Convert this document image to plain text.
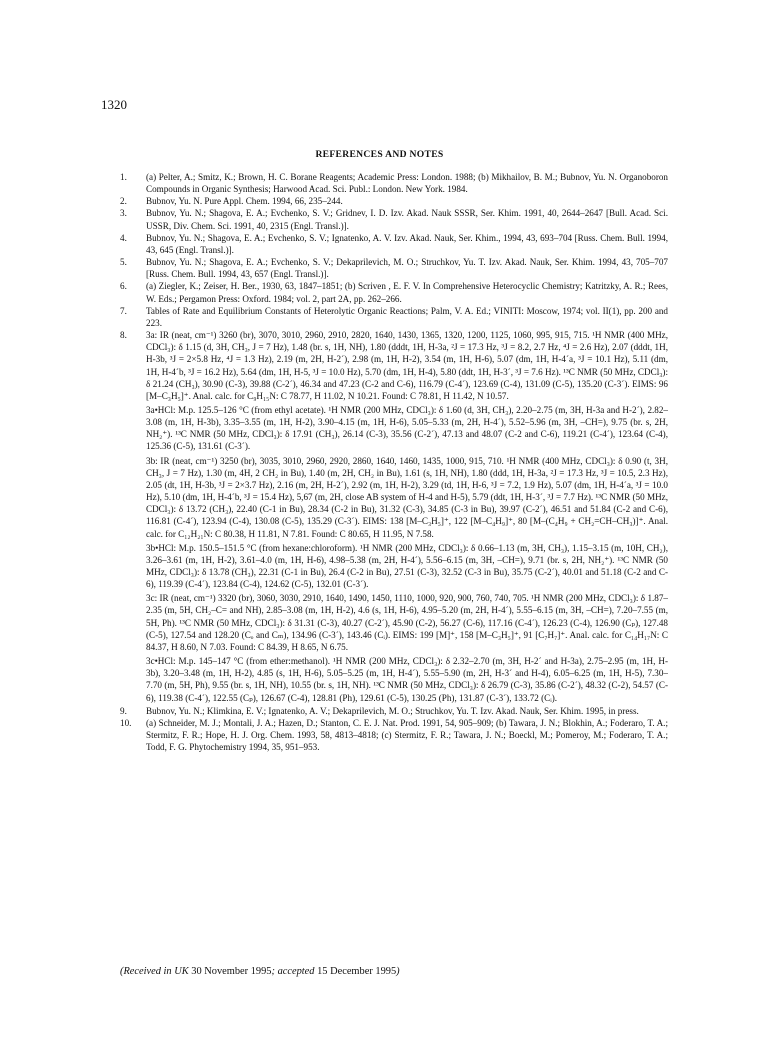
1320
REFERENCES AND NOTES
1.	(a) Pelter, A.; Smitz, K.; Brown, H. C. Borane Reagents; Academic Press: London. 1988; (b) Mikhailov, B. M.; Bubnov, Yu. N. Organoboron Compounds in Organic Synthesis; Harwood Acad. Sci. Publ.: London. New York. 1984.
2.	Bubnov, Yu. N. Pure Appl. Chem. 1994, 66, 235–244.
3.	Bubnov, Yu. N.; Shagova, E. A.; Evchenko, S. V.; Gridnev, I. D. Izv. Akad. Nauk SSSR, Ser. Khim. 1991, 40, 2644–2647 [Bull. Acad. Sci. USSR, Div. Chem. Sci. 1991, 40, 2315 (Engl. Transl.)].
4.	Bubnov, Yu. N.; Shagova, E. A.; Evchenko, S. V.; Ignatenko, A. V. Izv. Akad. Nauk, Ser. Khim., 1994, 43, 693–704 [Russ. Chem. Bull. 1994, 43, 645 (Engl. Transl.)].
5.	Bubnov, Yu. N.; Shagova, E. A.; Evchenko, S. V.; Dekaprilevich, M. O.; Struchkov, Yu. T. Izv. Akad. Nauk, Ser. Khim. 1994, 43, 705–707 [Russ. Chem. Bull. 1994, 43, 657 (Engl. Transl.)].
6.	(a) Ziegler, K.; Zeiser, H. Ber., 1930, 63, 1847–1851; (b) Scriven , E. F. V. In Comprehensive Heterocyclic Chemistry; Katritzky, A. R.; Rees, W. Eds.; Pergamon Press: Oxford. 1984; vol. 2, part 2A, pp. 262–266.
7.	Tables of Rate and Equilibrium Constants of Heterolytic Organic Reactions; Palm, V. A. Ed.; VINITI: Moscow, 1974; vol. II(1), pp. 200 and 223.
8.	3a: IR (neat, cm⁻¹) 3260 (br), 3070, 3010, 2960, 2910, 2820, 1640, 1430, 1365, 1320, 1200, 1125, 1060, 995, 915, 715. ¹H NMR (400 MHz, CDCl₃): δ 1.15 (d, 3H, CH₃, J = 7 Hz), 1.48 (br. s, 1H, NH), 1.80 (dddt, 1H, H-3a, ²J = 17.3 Hz, ³J = 8.2, 2.7 Hz, ⁴J = 2.6 Hz), 2.07 (dddt, 1H, H-3b, ³J = 2×5.8 Hz, ⁴J = 1.3 Hz), 2.19 (m, 2H, H-2´), 2.98 (m, 1H, H-2), 3.54 (m, 1H, H-6), 5.07 (dm, 1H, H-4´a, ³J = 10.1 Hz), 5.11 (dm, 1H, H-4´b, ³J = 16.2 Hz), 5.64 (dm, 1H, H-5, ³J = 10.0 Hz), 5.70 (dm, 1H, H-4), 5.80 (ddt, 1H, H-3´, ³J = 7.6 Hz). ¹³C NMR (50 MHz, CDCl₃): δ 21.24 (CH₃), 30.90 (C-3), 39.88 (C-2´), 46.34 and 47.23 (C-2 and C-6), 116.79 (C-4´), 123.69 (C-4), 131.09 (C-5), 135.20 (C-3´). EIMS: 96 [M–C₃H₅]⁺. Anal. calc. for C₉H₁₅N: C 78.77, H 11.02, N 10.21. Found: C 78.81, H 11.42, N 10.57.

3a•HCl: M.p. 125.5–126 °C (from ethyl acetate). ¹H NMR (200 MHz, CDCl₃): δ 1.60 (d, 3H, CH₃), 2.20–2.75 (m, 3H, H-3a and H-2´), 2.82–3.08 (m, 1H, H-3b), 3.35–3.55 (m, 1H, H-2), 3.90–4.15 (m, 1H, H-6), 5.05–5.33 (m, 2H, H-4´), 5.52–5.96 (m, 3H, –CH=), 9.75 (br. s, 2H, NH₂⁺). ¹³C NMR (50 MHz, CDCl₃): δ 17.91 (CH₃), 26.14 (C-3), 35.56 (C-2´), 47.13 and 48.07 (C-2 and C-6), 119.21 (C-4´), 123.64 (C-4), 125.36 (C-5), 131.61 (C-3´).

3b: IR (neat, cm⁻¹) 3250 (br), 3035, 3010, 2960, 2920, 2860, 1640, 1460, 1435, 1000, 915, 710. ¹H NMR (400 MHz, CDCl₃): δ 0.90 (t, 3H, CH₃, J = 7 Hz), 1.30 (m, 4H, 2 CH₂ in Bu), 1.40 (m, 2H, CH₂ in Bu), 1.61 (s, 1H, NH), 1.80 (ddd, 1H, H-3a, ²J = 17.3 Hz, ³J = 10.5, 2.3 Hz), 2.05 (dt, 1H, H-3b, ³J = 2×3.7 Hz), 2.16 (m, 2H, H-2´), 2.92 (m, 1H, H-2), 3.29 (td, 1H, H-6, ³J = 7.2, 1.9 Hz), 5.07 (dm, 1H, H-4´a, ³J = 10.0 Hz), 5.10 (dm, 1H, H-4´b, ³J = 15.4 Hz), 5,67 (m, 2H, close AB system of H-4 and H-5), 5.79 (ddt, 1H, H-3´, ³J = 7.7 Hz). ¹³C NMR (50 MHz, CDCl₃): δ 13.72 (CH₃), 22.40 (C-1 in Bu), 28.34 (C-2 in Bu), 31.32 (C-3), 34.85 (C-3 in Bu), 39.97 (C-2´), 46.51 and 51.84 (C-2 and C-6), 116.81 (C-4´), 123.94 (C-4), 130.08 (C-5), 135.29 (C-3´). EIMS: 138 [M–C₃H₅]⁺, 122 [M–C₄H₉]⁺, 80 [M–(C₄H₉ + CH₂=CH–CH₃)]⁺. Anal. calc. for C₁₂H₂₁N: C 80.38, H 11.81, N 7.81. Found: C 80.65, H 11.95, N 7.58.

3b•HCl: M.p. 150.5–151.5 °C (from hexane:chloroform). ¹H NMR (200 MHz, CDCl₃): δ 0.66–1.13 (m, 3H, CH₃), 1.15–3.15 (m, 10H, CH₂), 3.26–3.61 (m, 1H, H-2), 3.61–4.0 (m, 1H, H-6), 4.98–5.38 (m, 2H, H-4´), 5.56–6.15 (m, 3H, –CH=), 9.71 (br. s, 2H, NH₂⁺). ¹³C NMR (50 MHz, CDCl₃): δ 13.78 (CH₃), 22.31 (C-1 in Bu), 26.4 (C-2 in Bu), 27.51 (C-3), 32.52 (C-3 in Bu), 35.75 (C-2´), 40.01 and 51.18 (C-2 and C-6), 119.39 (C-4´), 123.84 (C-4), 124.62 (C-5), 132.01 (C-3´).

3c: IR (neat, cm⁻¹) 3320 (br), 3060, 3030, 2910, 1640, 1490, 1450, 1110, 1000, 920, 900, 760, 740, 705. ¹H NMR (200 MHz, CDCl₃): δ 1.87–2.35 (m, 5H, CH₂–C= and NH), 2.85–3.08 (m, 1H, H-2), 4.6 (s, 1H, H-6), 4.95–5.20 (m, 2H, H-4´), 5.55–6.15 (m, 3H, –CH=), 7.20–7.55 (m, 5H, Ph). ¹³C NMR (50 MHz, CDCl₃): δ 31.31 (C-3), 40.27 (C-2´), 45.90 (C-2), 56.27 (C-6), 117.16 (C-4´), 126.23 (C-4), 126.90 (Cₚ), 127.48 (C-5), 127.54 and 128.20 (Cₒ and Cₘ), 134.96 (C-3´), 143.46 (Cᵢ). EIMS: 199 [M]⁺, 158 [M–C₃H₅]⁺, 91 [C₇H₇]⁺. Anal. calc. for C₁₄H₁₇N: C 84.37, H 8.60, N 7.03. Found: C 84.39, H 8.65, N 6.75.

3c•HCl: M.p. 145–147 °C (from ether:methanol). ¹H NMR (200 MHz, CDCl₃): δ 2.32–2.70 (m, 3H, H-2´ and H-3a), 2.75–2.95 (m, 1H, H-3b), 3.20–3.48 (m, 1H, H-2), 4.85 (s, 1H, H-6), 5.05–5.25 (m, 1H, H-4´), 5.55–5.90 (m, 2H, H-3´ and H-4), 6.05–6.25 (m, 1H, H-5), 7.30–7.70 (m, 5H, Ph), 9.55 (br. s, 1H, NH), 10.55 (br. s, 1H, NH). ¹³C NMR (50 MHz, CDCl₃): δ 26.79 (C-3), 35.86 (C-2´), 48.32 (C-2), 54.57 (C-6), 119.38 (C-4´), 122.55 (Cₚ), 126.67 (C-4), 128.81 (Ph), 129.61 (C-5), 130.25 (Ph), 131.87 (C-3´), 133.72 (Cᵢ).

9.	Bubnov, Yu. N.; Klimkina, E. V.; Ignatenko, A. V.; Dekaprilevich, M. O.; Struchkov, Yu. T. Izv. Akad. Nauk, Ser. Khim. 1995, in press.
10.	(a) Schneider, M. J.; Montali, J. A.; Hazen, D.; Stanton, C. E. J. Nat. Prod. 1991, 54, 905–909; (b) Tawara, J. N.; Blokhin, A.; Foderaro, T. A.; Stermitz, F. R.; Hope, H. J. Org. Chem. 1993, 58, 4813–4818; (c) Stermitz, F. R.; Tawara, J. N.; Boeckl, M.; Pomeroy, M.; Foderaro, T. A.; Todd, F. G. Phytochemistry 1994, 35, 951–953.
(Received in UK 30 November 1995; accepted 15 December 1995)
